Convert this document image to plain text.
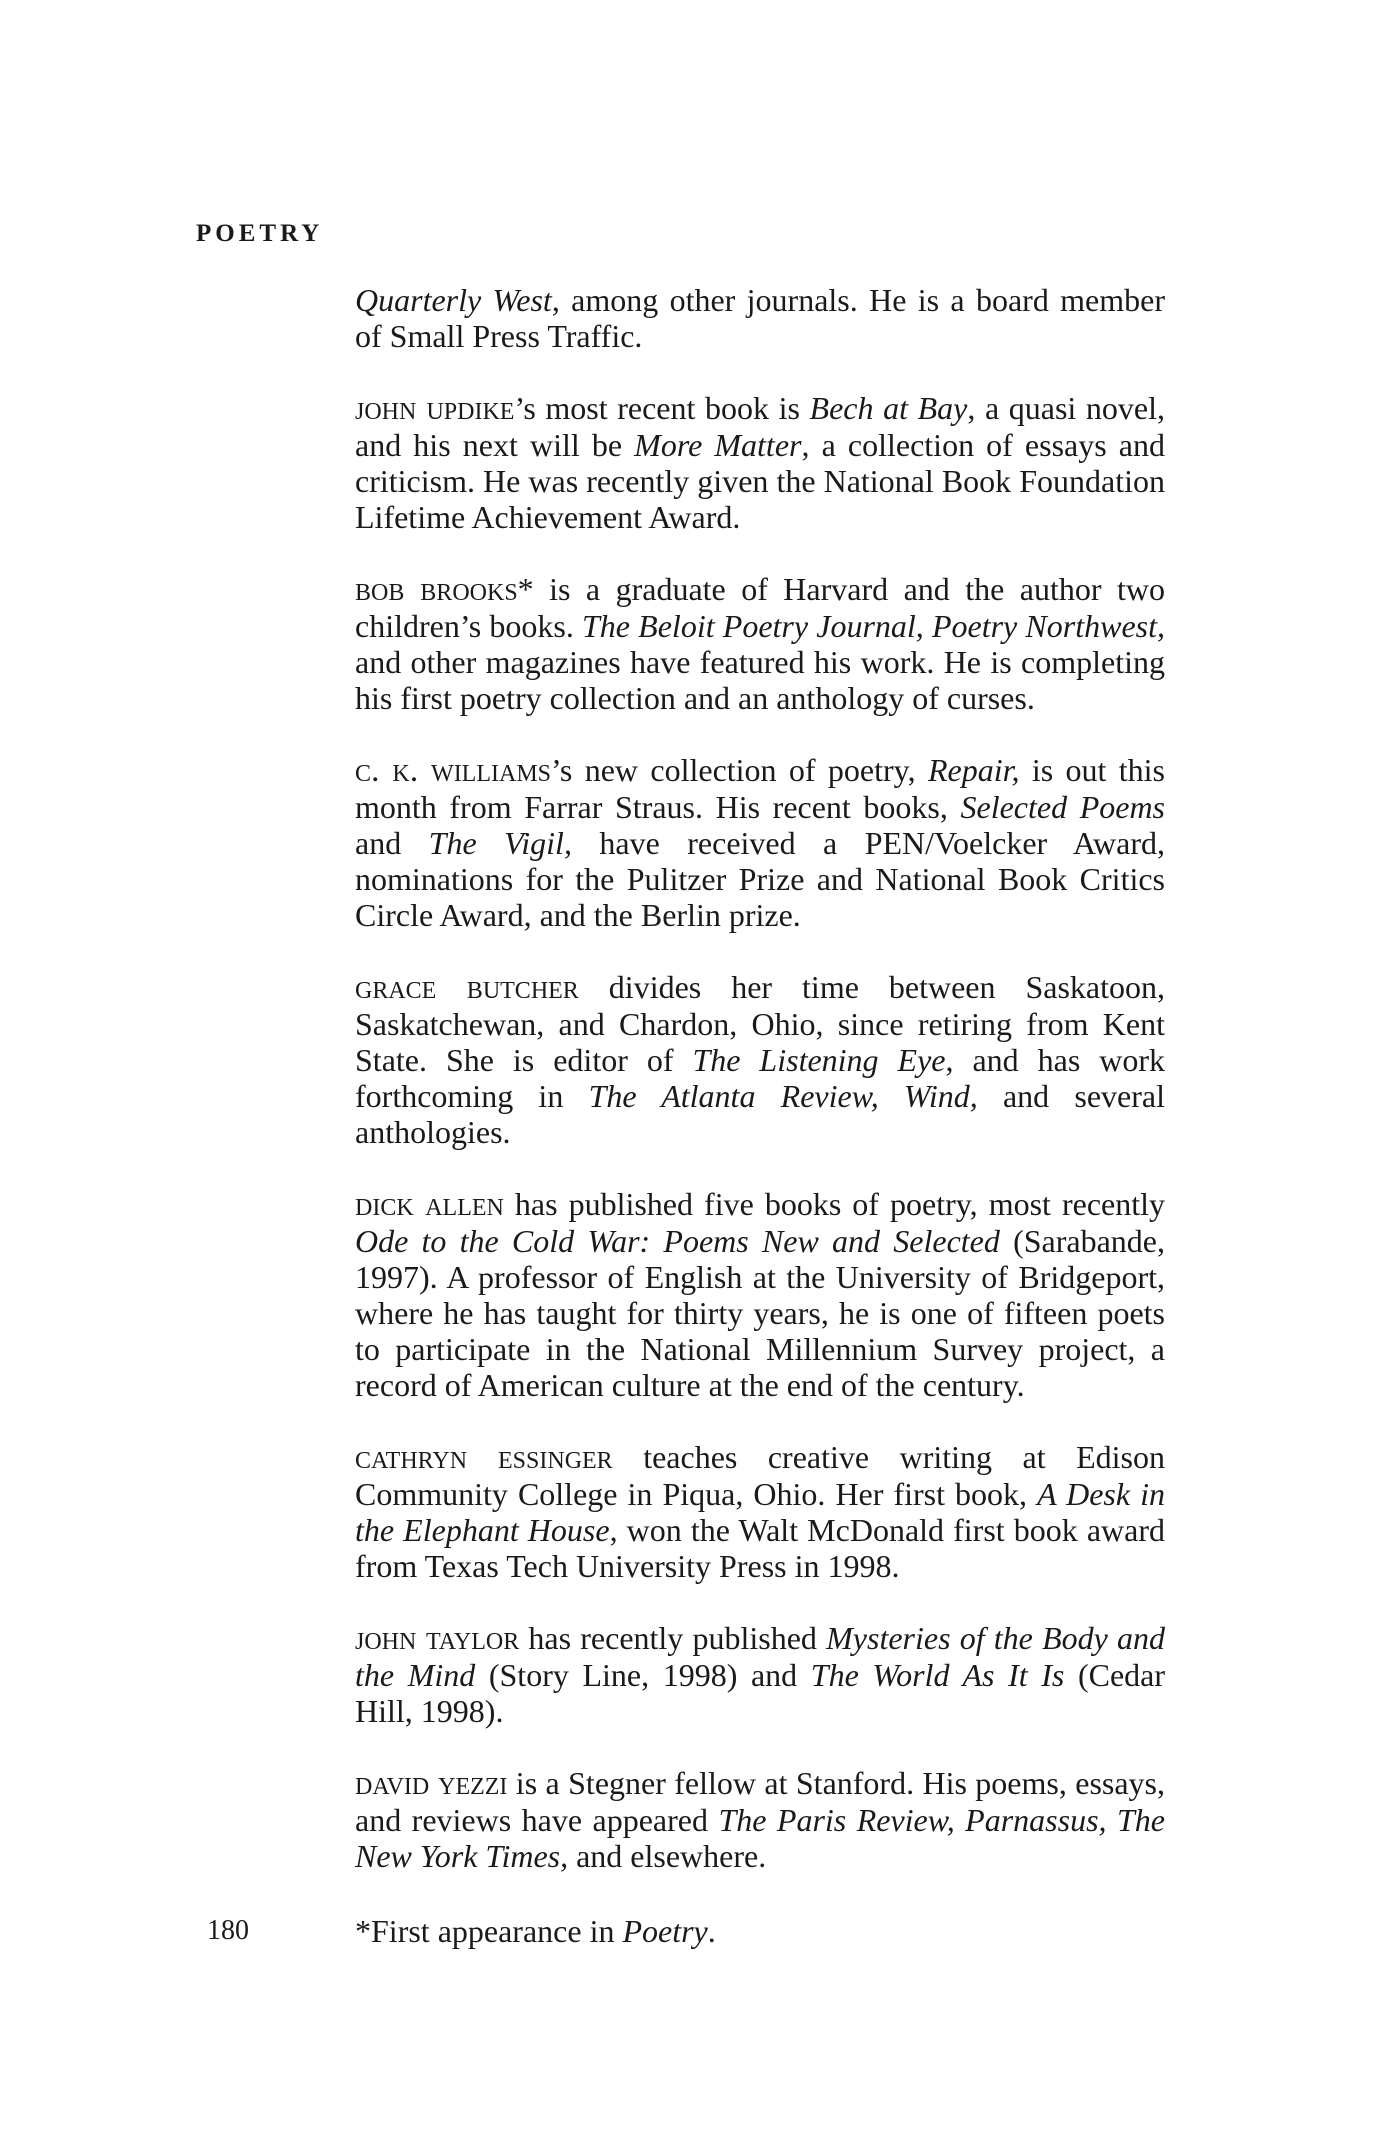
POETRY

Quarterly West, among other journals. He is a board member of Small Press Traffic.

john updike’s most recent book is Bech at Bay, a quasi novel, and his next will be More Matter, a collection of essays and criticism. He was recently given the National Book Foundation Lifetime Achievement Award.

bob brooks* is a graduate of Harvard and the author two children’s books. The Beloit Poetry Journal, Poetry Northwest, and other magazines have featured his work. He is completing his first poetry collection and an anthology of curses.

c. k. williams’s new collection of poetry, Repair, is out this month from Farrar Straus. His recent books, Selected Poems and The Vigil, have received a PEN/Voelcker Award, nominations for the Pulitzer Prize and National Book Critics Circle Award, and the Berlin prize.

grace butcher divides her time between Saskatoon, Saskatchewan, and Chardon, Ohio, since retiring from Kent State. She is editor of The Listening Eye, and has work forthcoming in The Atlanta Review, Wind, and several anthologies.

dick allen has published five books of poetry, most recently Ode to the Cold War: Poems New and Selected (Sarabande, 1997). A professor of English at the University of Bridgeport, where he has taught for thirty years, he is one of fifteen poets to participate in the National Millennium Survey project, a record of American culture at the end of the century.

cathryn essinger teaches creative writing at Edison Community College in Piqua, Ohio. Her first book, A Desk in the Elephant House, won the Walt McDonald first book award from Texas Tech University Press in 1998.

john taylor has recently published Mysteries of the Body and the Mind (Story Line, 1998) and The World As It Is (Cedar Hill, 1998).

david yezzi is a Stegner fellow at Stanford. His poems, essays, and reviews have appeared The Paris Review, Parnassus, The New York Times, and elsewhere.

180	*First appearance in Poetry.
